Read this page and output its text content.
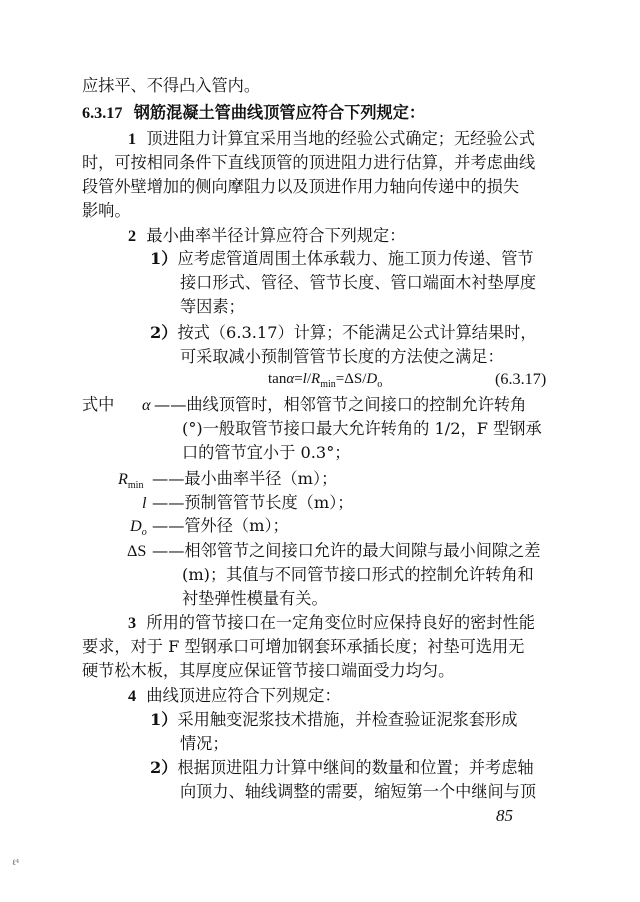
应抹平、不得凸入管内。
6.3.17 钢筋混凝土管曲线顶管应符合下列规定：
1 顶进阻力计算宜采用当地的经验公式确定；无经验公式
时，可按相同条件下直线顶管的顶进阻力进行估算，并考虑曲线
段管外壁增加的侧向摩阻力以及顶进作用力轴向传递中的损失
影响。
2 最小曲率半径计算应符合下列规定：
1）应考虑管道周围土体承载力、施工顶力传递、管节
接口形式、管径、管节长度、管口端面木衬垫厚度
等因素；
2）按式（6.3.17）计算；不能满足公式计算结果时，
可采取减小预制管管节长度的方法使之满足：
$\tan\alpha=l/R_{min}=\Delta S/D_o$	(6.3.17)
式中 α ——曲线顶管时，相邻管节之间接口的控制允许转角
(°)一般取管节接口最大允许转角的 1/2，F 型钢承
口的管节宜小于 0.3°；
$R_{min}$ ——最小曲率半径（m）；
l ——预制管管节长度（m）；
$D_o$ ——管外径（m）；
ΔS ——相邻管节之间接口允许的最大间隙与最小间隙之差
(m)；其值与不同管节接口形式的控制允许转角和
衬垫弹性模量有关。
3 所用的管节接口在一定角变位时应保持良好的密封性能
要求，对于 F 型钢承口可增加钢套环承插长度；衬垫可选用无
硬节松木板，其厚度应保证管节接口端面受力均匀。
4 曲线顶进应符合下列规定：
1）采用触变泥浆技术措施，并检查验证泥浆套形成
情况；
2）根据顶进阻力计算中继间的数量和位置；并考虑轴
向顶力、轴线调整的需要，缩短第一个中继间与顶
85
ℓ⁴
